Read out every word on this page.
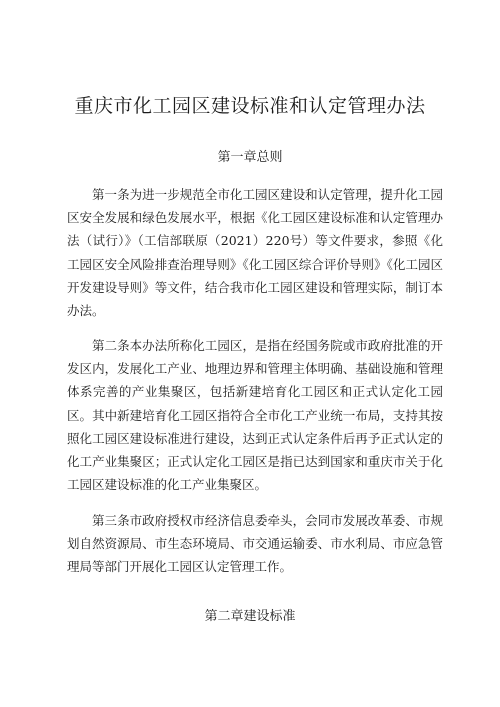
重庆市化工园区建设标准和认定管理办法
第一章总则

第一条为进一步规范全市化工园区建设和认定管理，提升化工园区安全发展和绿色发展水平，根据《化工园区建设标准和认定管理办法（试行）》（工信部联原（2021）220号）等文件要求，参照《化工园区安全风险排查治理导则》《化工园区综合评价导则》《化工园区开发建设导则》等文件，结合我市化工园区建设和管理实际，制订本办法。

第二条本办法所称化工园区，是指在经国务院或市政府批准的开发区内，发展化工产业、地理边界和管理主体明确、基础设施和管理体系完善的产业集聚区，包括新建培育化工园区和正式认定化工园区。其中新建培育化工园区指符合全市化工产业统一布局，支持其按照化工园区建设标准进行建设，达到正式认定条件后再予正式认定的化工产业集聚区；正式认定化工园区是指已达到国家和重庆市关于化工园区建设标准的化工产业集聚区。

第三条市政府授权市经济信息委牵头，会同市发展改革委、市规划自然资源局、市生态环境局、市交通运输委、市水利局、市应急管理局等部门开展化工园区认定管理工作。

第二章建设标准
